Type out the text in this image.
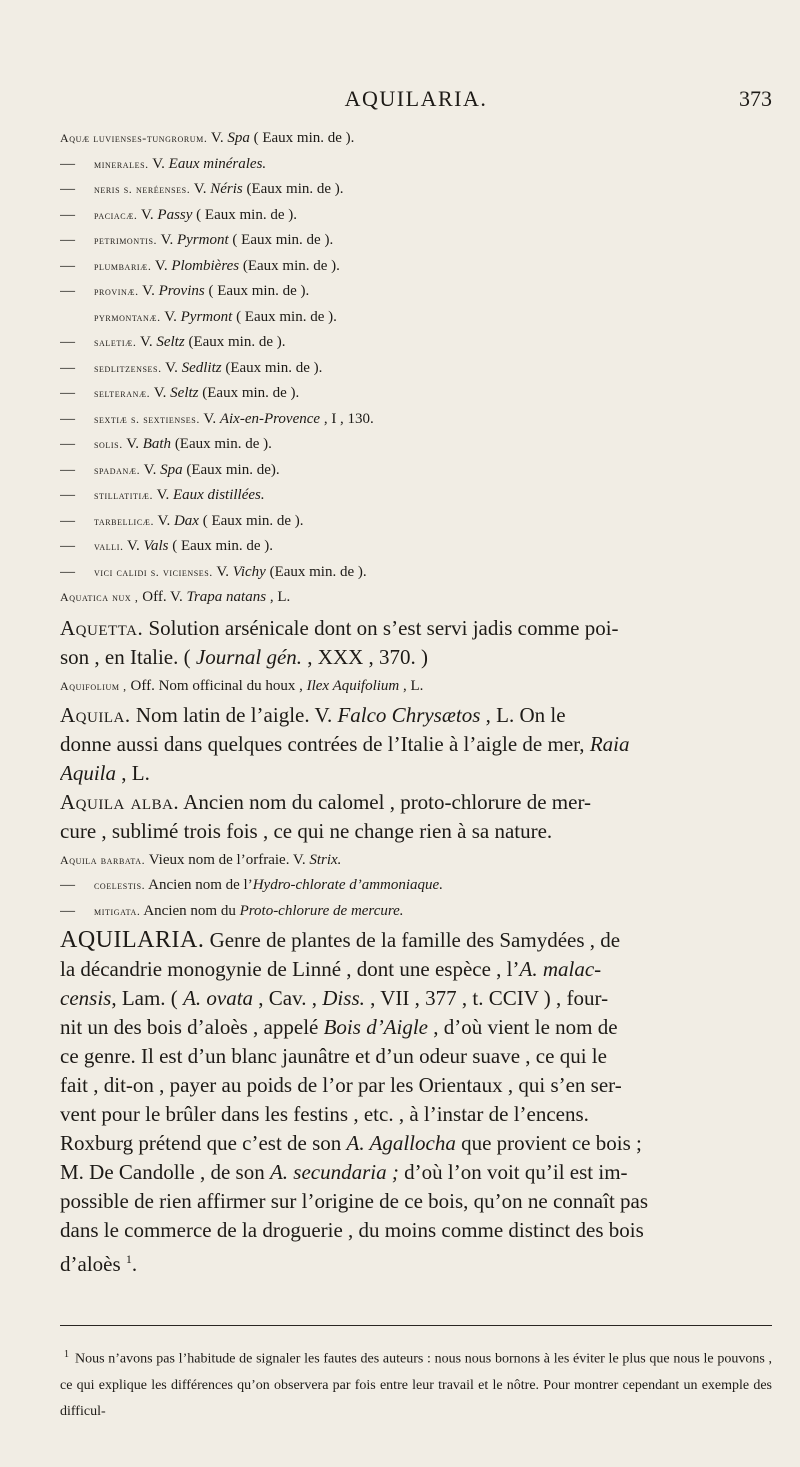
AQUILARIA.	373
Aquæ luvienses-tungrorum. V. Spa ( Eaux min. de ).
— minerales. V. Eaux minérales.
— neris s. neréenses. V. Néris (Eaux min. de ).
— paciacæ. V. Passy ( Eaux min. de ).
— petrimontis. V. Pyrmont ( Eaux min. de ).
— plumbariæ. V. Plombières (Eaux min. de ).
— provinæ. V. Provins ( Eaux min. de ).
pyrmontanæ. V. Pyrmont ( Eaux min. de ).
— saletiæ. V. Seltz (Eaux min. de ).
— sedlitzenses. V. Sedlitz (Eaux min. de ).
— selteranæ. V. Seltz (Eaux min. de ).
— sextiæ s. sextienses. V. Aix-en-Provence , I , 130.
— solis. V. Bath (Eaux min. de ).
— spadanæ. V. Spa (Eaux min. de).
— stillatitiæ. V. Eaux distillées.
— tarbellicæ. V. Dax ( Eaux min. de ).
— valli. V. Vals ( Eaux min. de ).
— vici calidi s. vicienses. V. Vichy (Eaux min. de ).
Aquatica nux , Off. V. Trapa natans , L.
Aquetta. Solution arsénicale dont on s’est servi jadis comme poi-
son , en Italie. ( Journal gén. , XXX , 370. )
Aquifolium , Off. Nom officinal du houx , Ilex Aquifolium , L.
Aquila. Nom latin de l’aigle. V. Falco Chrysætos , L. On le
donne aussi dans quelques contrées de l’Italie à l’aigle de mer, Raia
Aquila , L.
Aquila alba. Ancien nom du calomel , proto-chlorure de mer-
cure , sublimé trois fois , ce qui ne change rien à sa nature.
Aquila barbata. Vieux nom de l’orfraie. V. Strix.
— coelestis. Ancien nom de l’Hydro-chlorate d’ammoniaque.
— mitigata. Ancien nom du Proto-chlorure de mercure.
AQUILARIA. Genre de plantes de la famille des Samydées , de
la décandrie monogynie de Linné , dont une espèce , l’A. malac-
censis, Lam. ( A. ovata , Cav. , Diss. , VII , 377 , t. CCIV ) , four-
nit un des bois d’aloès , appelé Bois d’Aigle , d’où vient le nom de
ce genre. Il est d’un blanc jaunâtre et d’un odeur suave , ce qui le
fait , dit-on , payer au poids de l’or par les Orientaux , qui s’en ser-
vent pour le brûler dans les festins , etc. , à l’instar de l’encens.
Roxburg prétend que c’est de son A. Agallocha que provient ce bois ;
M. De Candolle , de son A. secundaria ; d’où l’on voit qu’il est im-
possible de rien affirmer sur l’origine de ce bois, qu’on ne connaît pas
dans le commerce de la droguerie , du moins comme distinct des bois
d’aloès $^1$.

$^1$ Nous n’avons pas l’habitude de signaler les fautes des auteurs : nous nous bornons à les éviter le plus que nous le pouvons , ce qui explique les différences qu’on observera par fois entre leur travail et le nôtre. Pour montrer cependant un exemple des difficul-
